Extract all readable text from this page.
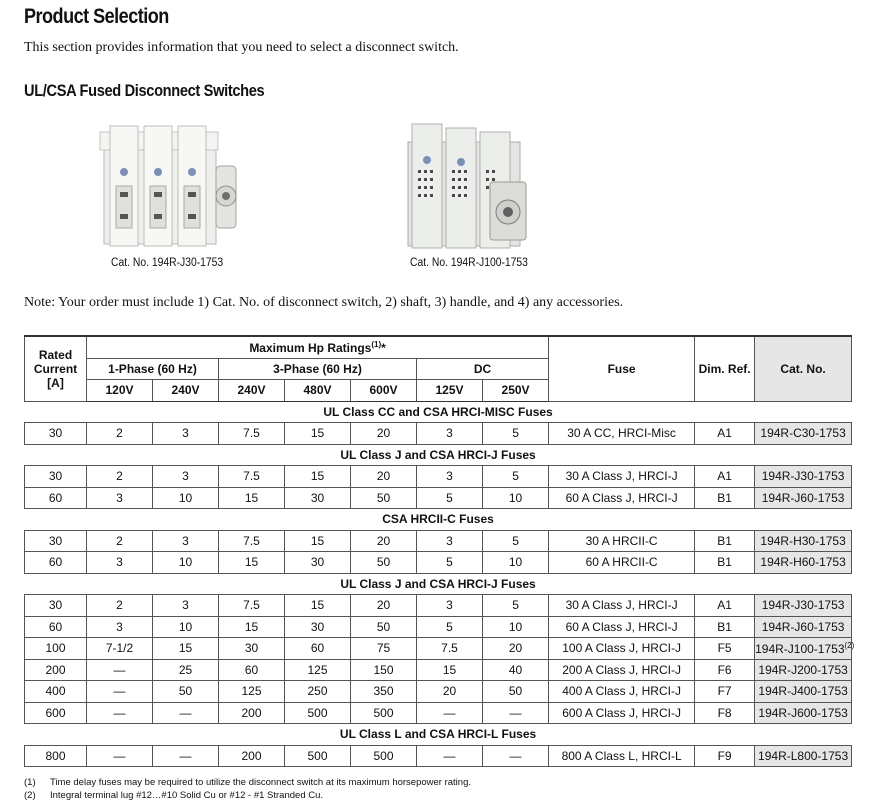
Product Selection
This section provides information that you need to select a disconnect switch.
UL/CSA Fused Disconnect Switches
Cat. No. 194R-J30-1753	Cat. No. 194R-J100-1753
Note: Your order must include 1) Cat. No. of disconnect switch, 2) shaft, 3) handle, and 4) any accessories.
Rated Current [A]	Maximum Hp Ratings$^{(1)}$*							Fuse	Dim. Ref.	Cat. No.
	1-Phase (60 Hz)		3-Phase (60 Hz)			DC				
	120V	240V	240V	480V	600V	125V	250V			
UL Class CC and CSA HRCI-MISC Fuses										
30	2	3	7.5	15	20	3	5	30 A CC, HRCI-Misc	A1	194R-C30-1753
UL Class J and CSA HRCI-J Fuses										
30	2	3	7.5	15	20	3	5	30 A Class J, HRCI-J	A1	194R-J30-1753
60	3	10	15	30	50	5	10	60 A Class J, HRCI-J	B1	194R-J60-1753
CSA HRCII-C Fuses										
30	2	3	7.5	15	20	3	5	30 A HRCII-C	B1	194R-H30-1753
60	3	10	15	30	50	5	10	60 A HRCII-C	B1	194R-H60-1753
UL Class J and CSA HRCI-J Fuses										
30	2	3	7.5	15	20	3	5	30 A Class J, HRCI-J	A1	194R-J30-1753
60	3	10	15	30	50	5	10	60 A Class J, HRCI-J	B1	194R-J60-1753
100	7-1/2	15	30	60	75	7.5	20	100 A Class J, HRCI-J	F5	194R-J100-1753$^{(2)}$
200	—	25	60	125	150	15	40	200 A Class J, HRCI-J	F6	194R-J200-1753
400	—	50	125	250	350	20	50	400 A Class J, HRCI-J	F7	194R-J400-1753
600	—	—	200	500	500	—	—	600 A Class J, HRCI-J	F8	194R-J600-1753
UL Class L and CSA HRCI-L Fuses										
800	—	—	200	500	500	—	—	800 A Class L, HRCI-L	F9	194R-L800-1753
(1)	Time delay fuses may be required to utilize the disconnect switch at its maximum horsepower rating.
(2)	Integral terminal lug #12…#10 Solid Cu or #12 - #1 Stranded Cu.
